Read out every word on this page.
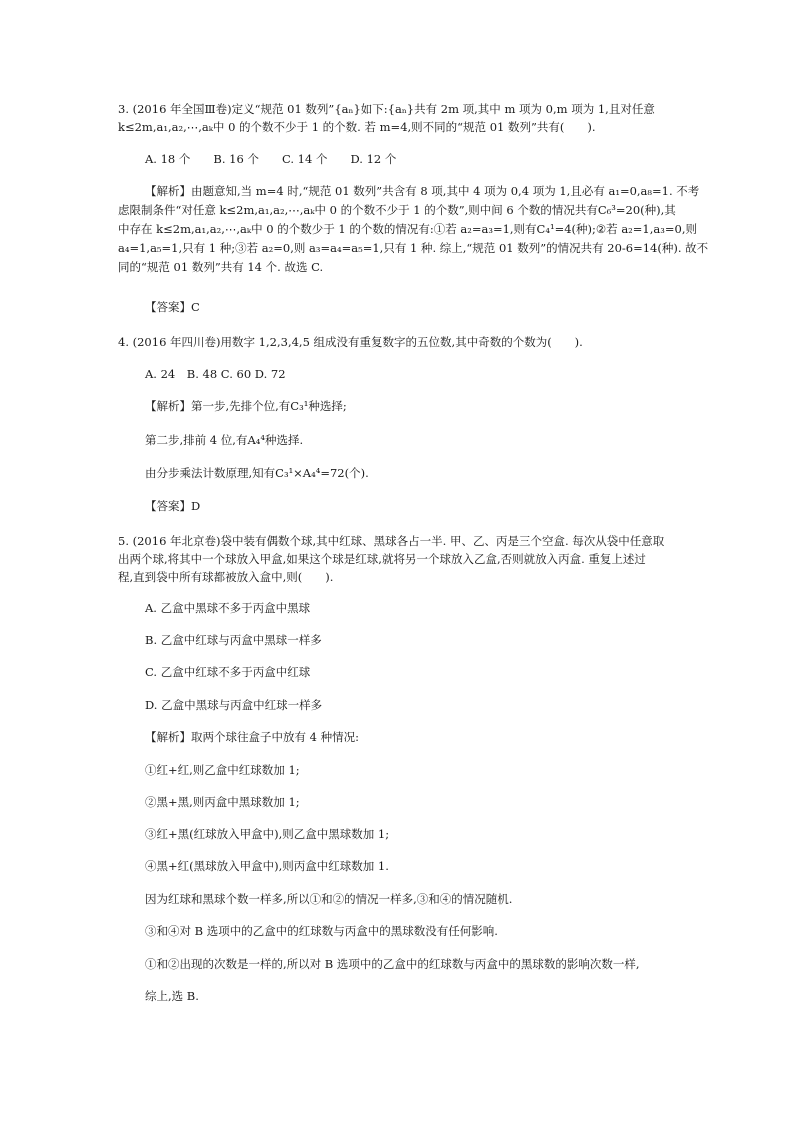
3. (2016 年全国Ⅲ卷)定义“规范 01 数列”{aₙ}如下:{aₙ}共有 2m 项,其中 m 项为 0,m 项为 1,且对任意
k≤2m,a₁,a₂,⋯,aₖ中 0 的个数不少于 1 的个数. 若 m=4,则不同的“规范 01 数列”共有(　　).
A. 18 个　　B. 16 个　　C. 14 个　　D. 12 个
【解析】由题意知,当 m=4 时,“规范 01 数列”共含有 8 项,其中 4 项为 0,4 项为 1,且必有 a₁=0,a₈=1. 不考
虑限制条件“对任意 k≤2m,a₁,a₂,⋯,aₖ中 0 的个数不少于 1 的个数”,则中间 6 个数的情况共有C₆³=20(种),其
中存在 k≤2m,a₁,a₂,⋯,aₖ中 0 的个数少于 1 的个数的情况有:①若 a₂=a₃=1,则有C₄¹=4(种);②若 a₂=1,a₃=0,则
a₄=1,a₅=1,只有 1 种;③若 a₂=0,则 a₃=a₄=a₅=1,只有 1 种. 综上,“规范 01 数列”的情况共有 20-6=14(种). 故不
同的“规范 01 数列”共有 14 个. 故选 C.
【答案】C
4. (2016 年四川卷)用数字 1,2,3,4,5 组成没有重复数字的五位数,其中奇数的个数为(　　).
A. 24　B. 48 C. 60 D. 72
【解析】第一步,先排个位,有C₃¹种选择;
第二步,排前 4 位,有A₄⁴种选择.
由分步乘法计数原理,知有C₃¹×A₄⁴=72(个).
【答案】D
5. (2016 年北京卷)袋中装有偶数个球,其中红球、黑球各占一半. 甲、乙、丙是三个空盒. 每次从袋中任意取
出两个球,将其中一个球放入甲盒,如果这个球是红球,就将另一个球放入乙盒,否则就放入丙盒. 重复上述过
程,直到袋中所有球都被放入盒中,则(　　).
A. 乙盒中黑球不多于丙盒中黑球
B. 乙盒中红球与丙盒中黑球一样多
C. 乙盒中红球不多于丙盒中红球
D. 乙盒中黑球与丙盒中红球一样多
【解析】取两个球往盒子中放有 4 种情况:
①红+红,则乙盒中红球数加 1;
②黑+黑,则丙盒中黑球数加 1;
③红+黑(红球放入甲盒中),则乙盒中黑球数加 1;
④黑+红(黑球放入甲盒中),则丙盒中红球数加 1.
因为红球和黑球个数一样多,所以①和②的情况一样多,③和④的情况随机.
③和④对 B 选项中的乙盒中的红球数与丙盒中的黑球数没有任何影响.
①和②出现的次数是一样的,所以对 B 选项中的乙盒中的红球数与丙盒中的黑球数的影响次数一样,
综上,选 B.
